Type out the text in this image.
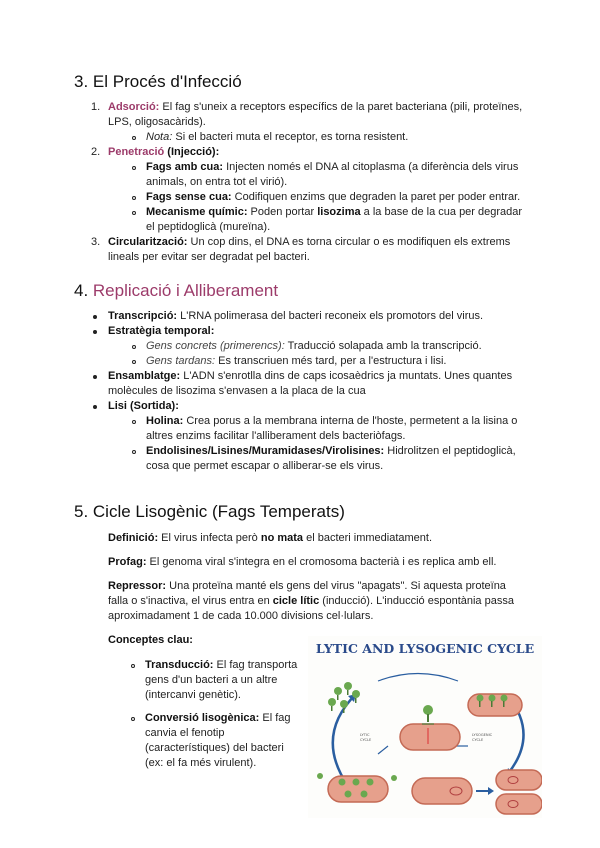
3. El Procés d'Infecció
1. Adsorció: El fag s'uneix a receptors específics de la paret bacteriana (pili, proteïnes,
LPS, oligosacàrids).
Nota: Si el bacteri muta el receptor, es torna resistent.
2. Penetració (Injecció):
Fags amb cua: Injecten només el DNA al citoplasma (a diferència dels virus
animals, on entra tot el virió).
Fags sense cua: Codifiquen enzims que degraden la paret per poder entrar.
Mecanisme químic: Poden portar lisozima a la base de la cua per degradar
el peptidoglicà (mureïna).
3. Circularització: Un cop dins, el DNA es torna circular o es modifiquen els extrems
lineals per evitar ser degradat pel bacteri.
4. Replicació i Alliberament
Transcripció: L'RNA polimerasa del bacteri reconeix els promotors del virus.
Estratègia temporal:
Gens concrets (primerencs): Traducció solapada amb la transcripció.
Gens tardans: Es transcriuen més tard, per a l'estructura i lisi.
Ensamblatge: L'ADN s'enrotlla dins de caps icosaèdrics ja muntats. Unes quantes
molècules de lisozima s'envasen a la placa de la cua
Lisi (Sortida):
Holina: Crea porus a la membrana interna de l'hoste, permetent a la lisina o
altres enzims facilitar l'alliberament dels bacteriòfags.
Endolisines/Lisines/Muramidases/Virolisines: Hidrolitzen el peptidoglicà,
cosa que permet escapar o alliberar-se els virus.
5. Cicle Lisogènic (Fags Temperats)
Definició: El virus infecta però no mata el bacteri immediatament.
Profag: El genoma viral s'integra en el cromosoma bacterià i es replica amb ell.
Repressor: Una proteïna manté els gens del virus "apagats". Si aquesta proteïna
falla o s'inactiva, el virus entra en cicle lític (inducció). L'inducció espontània passa
aproximadament 1 de cada 10.000 divisions cel·lulars.
Conceptes clau:
Transducció: El fag transporta
gens d'un bacteri a un altre
(intercanvi genètic).
Conversió lisogènica: El fag
canvia el fenotip
(característiques) del bacteri
(ex: el fa més virulent).
LYTIC AND LYSOGENIC CYCLE
LYTIC
CYCLE
LYSOGENIC
CYCLE
